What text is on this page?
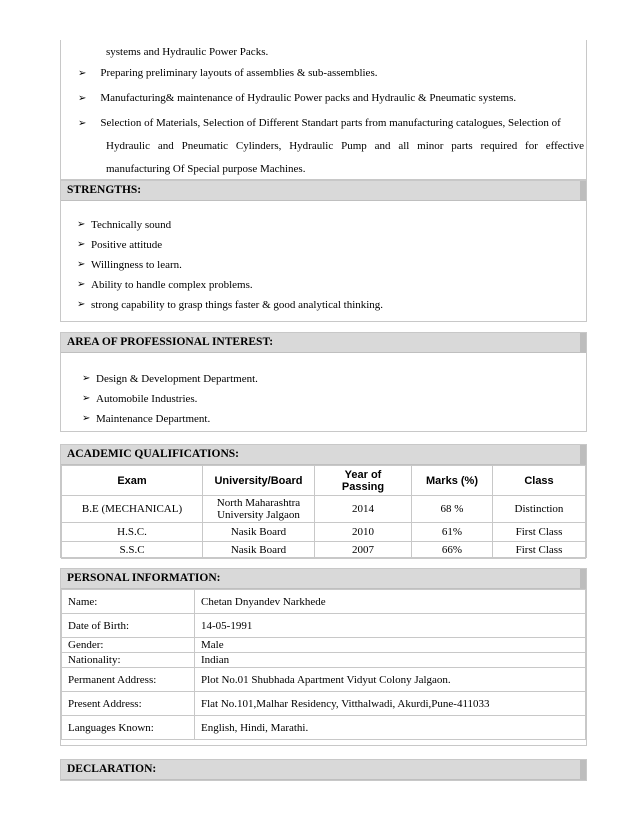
systems and Hydraulic Power Packs.
➢ Preparing preliminary layouts of assemblies & sub-assemblies.
➢ Manufacturing& maintenance of Hydraulic Power packs and Hydraulic & Pneumatic systems.
➢ Selection of Materials, Selection of Different Standart parts from manufacturing catalogues, Selection of
Hydraulic and Pneumatic Cylinders, Hydraulic Pump and all minor parts required for effective
manufacturing Of Special purpose Machines.
STRENGTHS:
➢ Technically sound
➢ Positive attitude
➢ Willingness to learn.
➢ Ability to handle complex problems.
➢ strong capability to grasp things faster & good analytical thinking.
AREA OF PROFESSIONAL INTEREST:
➢ Design & Development Department.
➢ Automobile Industries.
➢ Maintenance Department.
ACADEMIC QUALIFICATIONS:
Exam	University/Board	Year of Passing	Marks (%)	Class
B.E (MECHANICAL)	North Maharashtra University Jalgaon	2014	68 %	Distinction
H.S.C.	Nasik Board	2010	61%	First Class
S.S.C	Nasik Board	2007	66%	First Class
PERSONAL INFORMATION:
Name:	Chetan Dnyandev Narkhede
Date of Birth:	14-05-1991
Gender:	Male
Nationality:	Indian
Permanent Address:	Plot No.01 Shubhada Apartment Vidyut Colony Jalgaon.
Present Address:	Flat No.101,Malhar Residency, Vitthalwadi, Akurdi,Pune-411033
Languages Known:	English, Hindi, Marathi.
DECLARATION:
